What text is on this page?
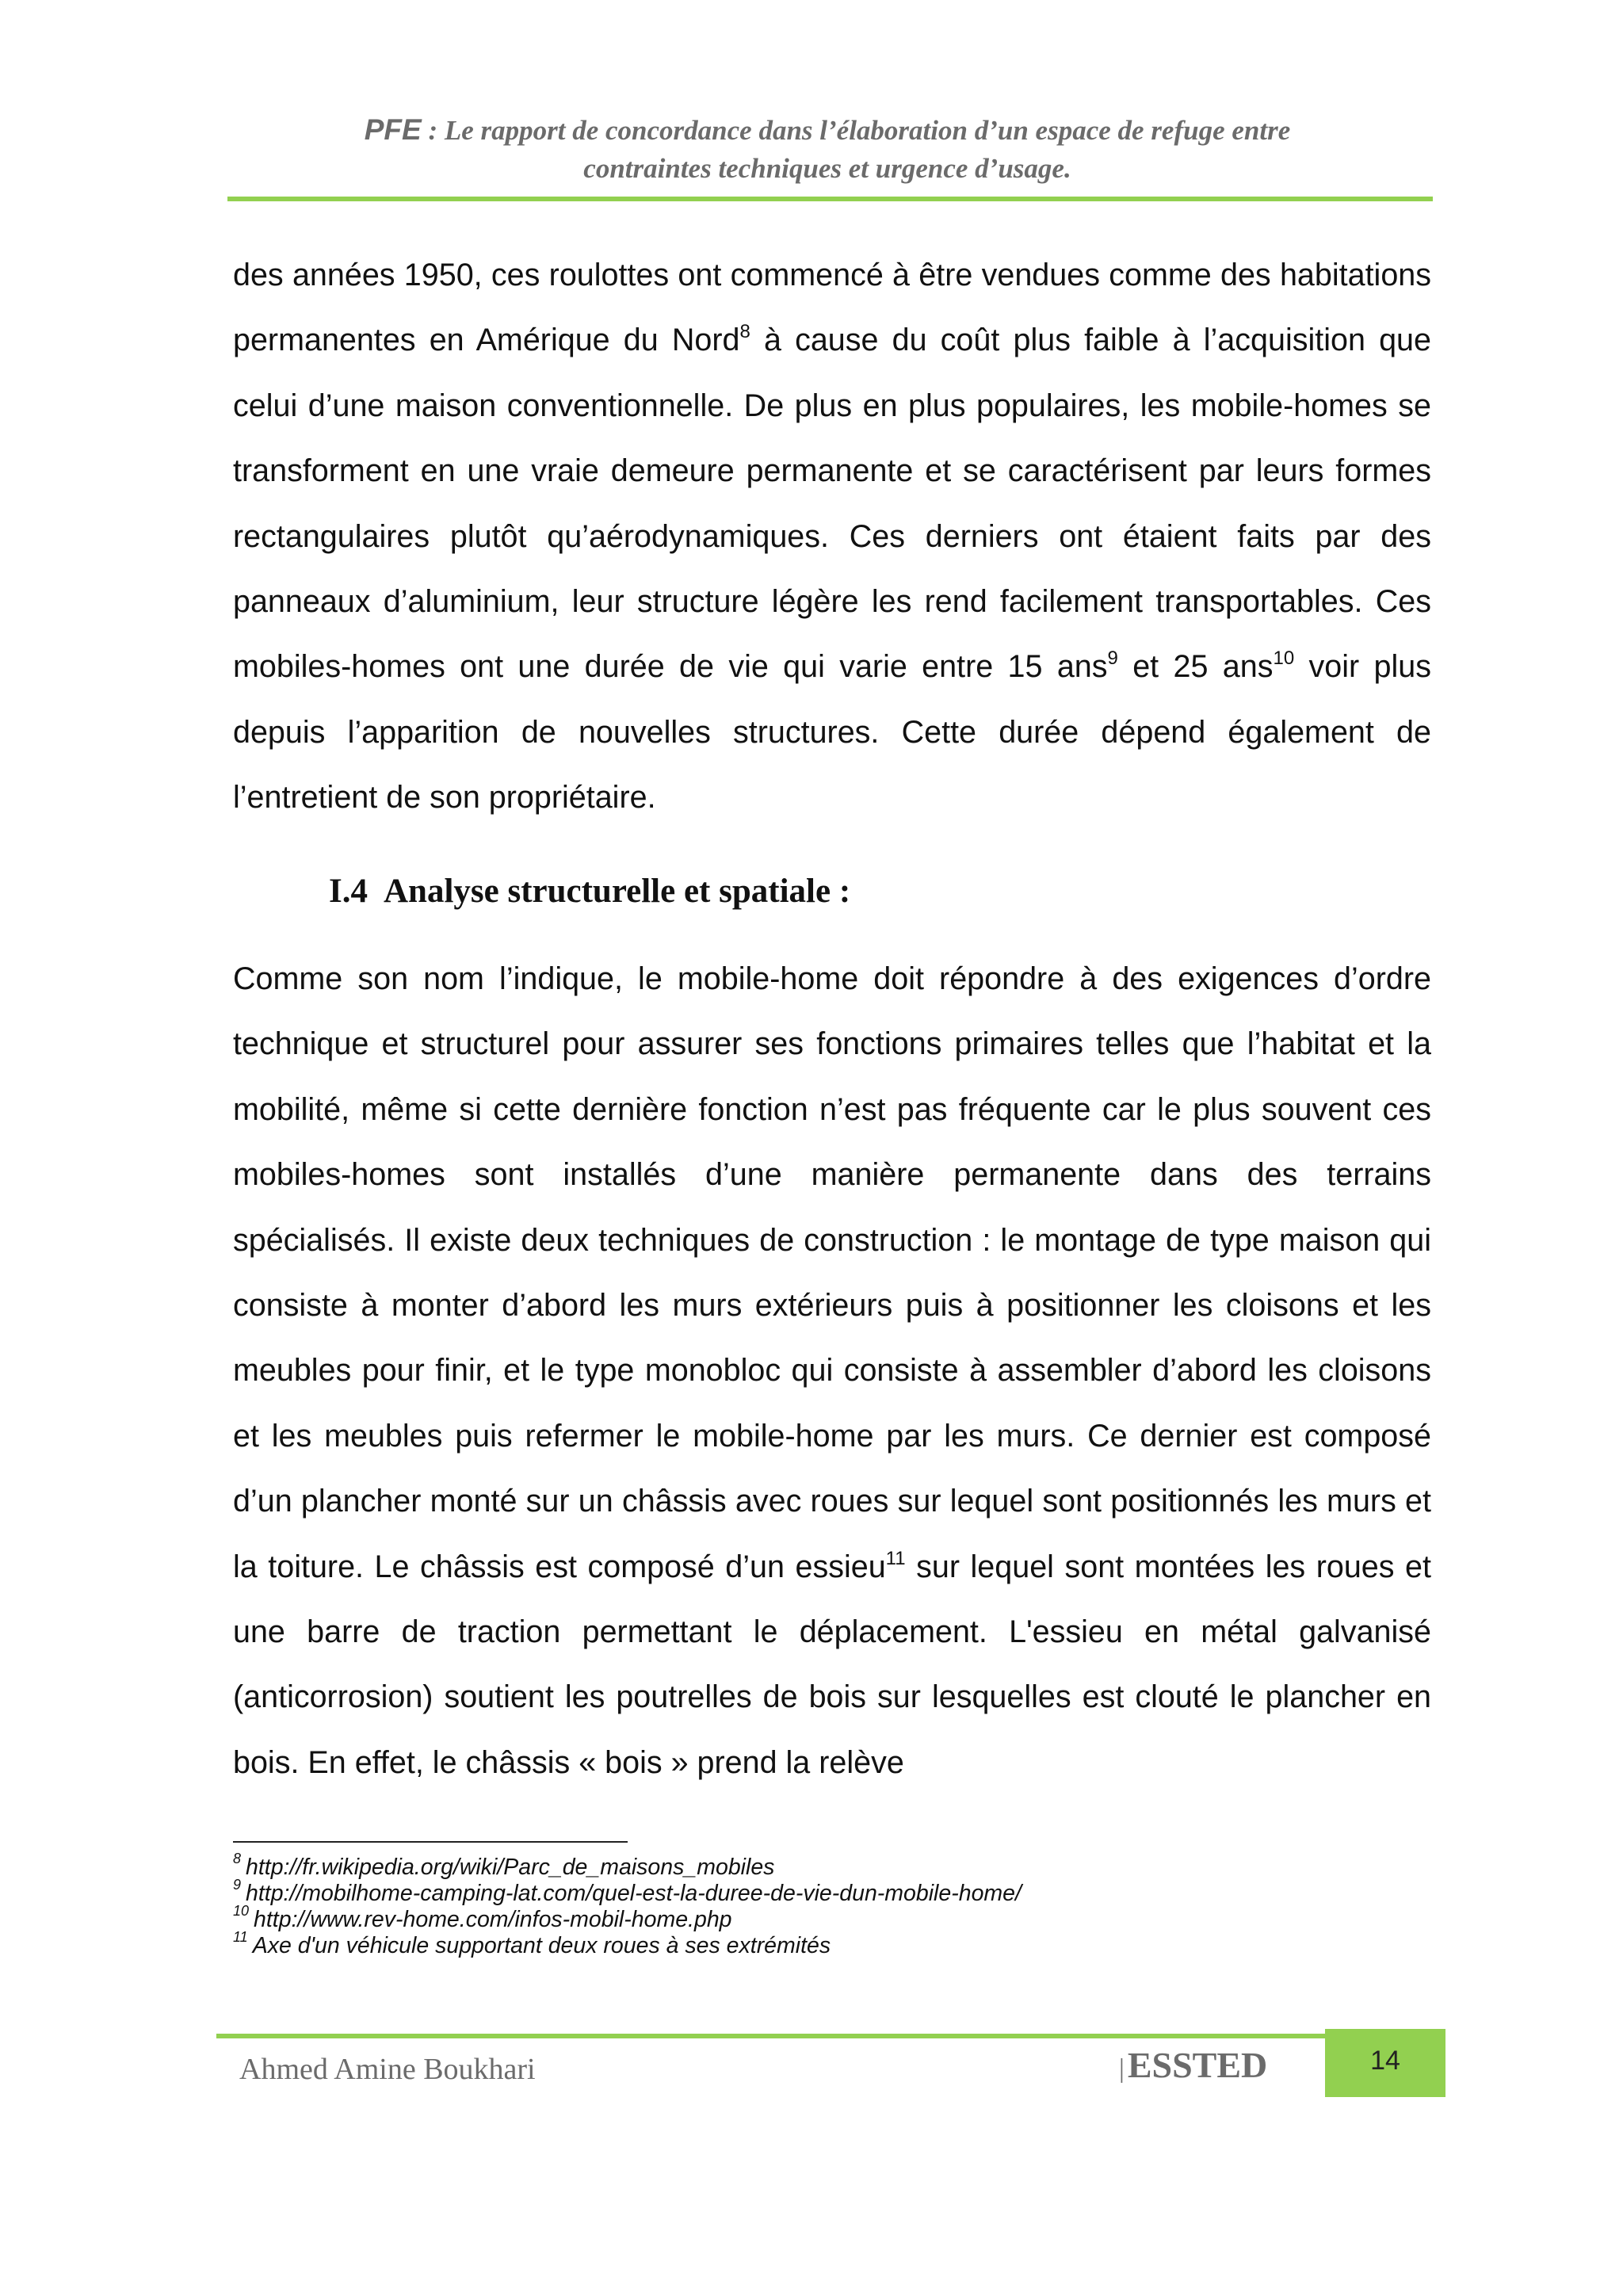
PFE : Le rapport de concordance dans l’élaboration d’un espace de refuge entre
contraintes techniques et urgence d’usage.

des années 1950, ces roulottes ont commencé à être vendues comme des habitations permanentes en Amérique du Nord$^8$ à cause du coût plus faible à l’acquisition que celui d’une maison conventionnelle. De plus en plus populaires, les mobile-homes se transforment en une vraie demeure permanente et se caractérisent par leurs formes rectangulaires plutôt qu’aérodynamiques. Ces derniers ont étaient faits par des panneaux d’aluminium, leur structure légère les rend facilement transportables. Ces mobiles-homes ont une durée de vie qui varie entre 15 ans$^9$ et 25 ans$^{10}$ voir plus depuis l’apparition de nouvelles structures. Cette durée dépend également de l’entretient de son propriétaire.

I.4 Analyse structurelle et spatiale :

Comme son nom l’indique, le mobile-home doit répondre à des exigences d’ordre technique et structurel pour assurer ses fonctions primaires telles que l’habitat et la mobilité, même si cette dernière fonction n’est pas fréquente car le plus souvent ces mobiles-homes sont installés d’une manière permanente dans des terrains spécialisés. Il existe deux techniques de construction : le montage de type maison qui consiste à monter d’abord les murs extérieurs puis à positionner les cloisons et les meubles pour finir, et le type monobloc qui consiste à assembler d’abord les cloisons et les meubles puis refermer le mobile-home par les murs. Ce dernier est composé d’un plancher monté sur un châssis avec roues sur lequel sont positionnés les murs et la toiture. Le châssis est composé d’un essieu$^{11}$ sur lequel sont montées les roues et une barre de traction permettant le déplacement. L'essieu en métal galvanisé (anticorrosion) soutient les poutrelles de bois sur lesquelles est clouté le plancher en bois. En effet, le châssis « bois » prend la relève

$^8$ http://fr.wikipedia.org/wiki/Parc_de_maisons_mobiles
$^9$ http://mobilhome-camping-lat.com/quel-est-la-duree-de-vie-dun-mobile-home/
$^{10}$ http://www.rev-home.com/infos-mobil-home.php
$^{11}$ Axe d'un véhicule supportant deux roues à ses extrémités
Ahmed Amine Boukhari	|ESSTED	14
